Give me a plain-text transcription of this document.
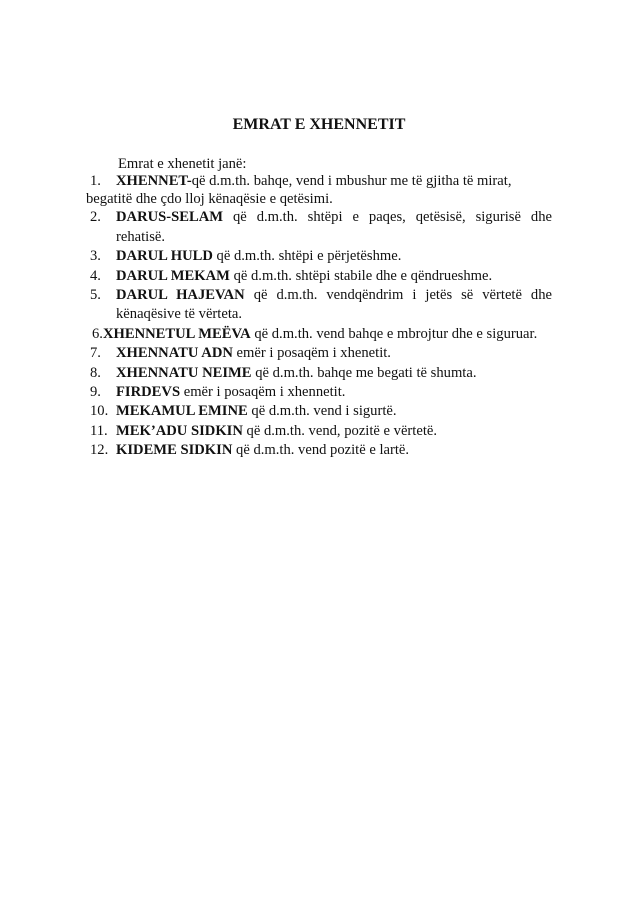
EMRAT E XHENNETIT
Emrat e xhenetit janë:
1.	XHENNET-që d.m.th. bahqe, vend i mbushur me të gjitha të mirat,
begatitë dhe çdo lloj kënaqësie e qetësimi.
2.	DARUS-SELAM që d.m.th. shtëpi e paqes, qetësisë, sigurisë dhe rehatisë.
3.	DARUL HULD që d.m.th. shtëpi e përjetëshme.
4.	DARUL MEKAM që d.m.th. shtëpi stabile dhe e qëndrueshme.
5.	DARUL HAJEVAN që d.m.th. vendqëndrim i jetës së vërtetë dhe kënaqësive të vërteta.
6.XHENNETUL MEËVA që d.m.th. vend bahqe e mbrojtur dhe e siguruar.
7.	XHENNATU ADN emër i posaqëm i xhenetit.
8.	XHENNATU NEIME që d.m.th. bahqe me begati të shumta.
9.	FIRDEVS emër i posaqëm i xhennetit.
10. MEKAMUL EMINE që d.m.th. vend i sigurtë.
11. MEK’ADU SIDKIN që d.m.th. vend, pozitë e vërtetë.
12. KIDEME SIDKIN që d.m.th. vend pozitë e lartë.
